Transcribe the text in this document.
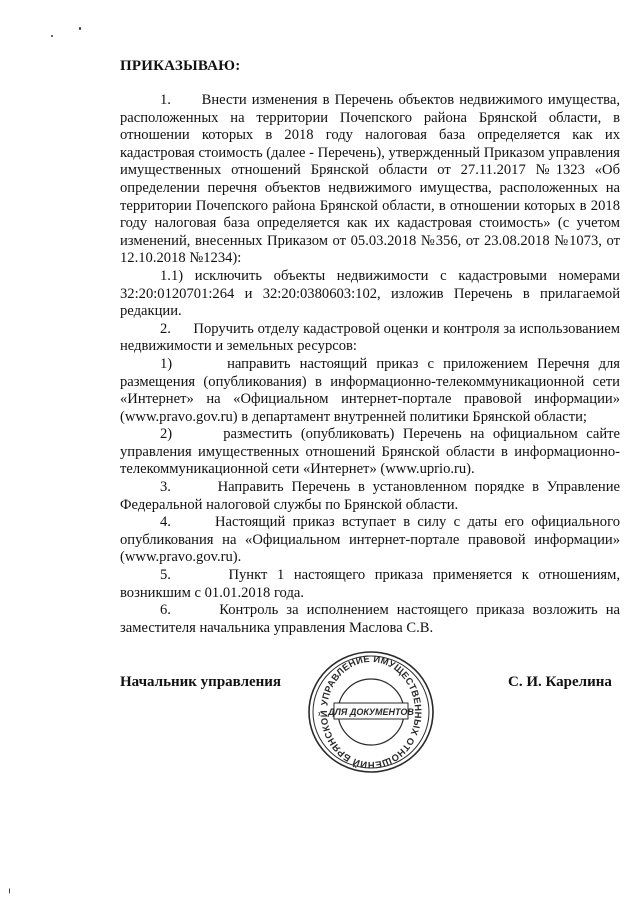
ПРИКАЗЫВАЮ:

1.      Внести изменения в Перечень объектов недвижимого имущества, расположенных на территории Почепского района Брянской области, в отношении которых в 2018 году налоговая база определяется как их кадастровая стоимость (далее - Перечень), утвержденный Приказом управления имущественных отношений Брянской области от 27.11.2017 №1323 «Об определении перечня объектов недвижимого имущества, расположенных на территории Почепского района Брянской области, в отношении которых в 2018 году налоговая база определяется как их кадастровая стоимость» (с учетом изменений, внесенных Приказом от 05.03.2018 №356, от 23.08.2018 №1073, от 12.10.2018 №1234):

1.1) исключить объекты недвижимости с кадастровыми номерами 32:20:0120701:264 и 32:20:0380603:102, изложив Перечень в прилагаемой редакции.

2.      Поручить отделу кадастровой оценки и контроля за использованием недвижимости и земельных ресурсов:

1)      направить настоящий приказ с приложением Перечня для размещения (опубликования) в информационно-телекоммуникационной сети «Интернет» на «Официальном интернет-портале правовой информации» (www.pravo.gov.ru) в департамент внутренней политики Брянской области;

2)      разместить (опубликовать) Перечень на официальном сайте управления имущественных отношений Брянской области в информационно-телекоммуникационной сети «Интернет» (www.uprio.ru).

3.      Направить Перечень в установленном порядке в Управление Федеральной налоговой службы по Брянской области.

4.      Настоящий приказ вступает в силу с даты его официального опубликования на «Официальном интернет-портале правовой информации» (www.pravo.gov.ru).

5.      Пункт 1 настоящего приказа применяется к отношениям, возникшим с 01.01.2018 года.

6.      Контроль за исполнением настоящего приказа возложить на заместителя начальника управления Маслова С.В.

Начальник управления	С. И. Карелина
УПРАВЛЕНИЕ ИМУЩЕСТВЕННЫХ ОТНОШЕНИЙ БРЯНСКОЙ ДЛЯ ДОКУМЕНТОВ
